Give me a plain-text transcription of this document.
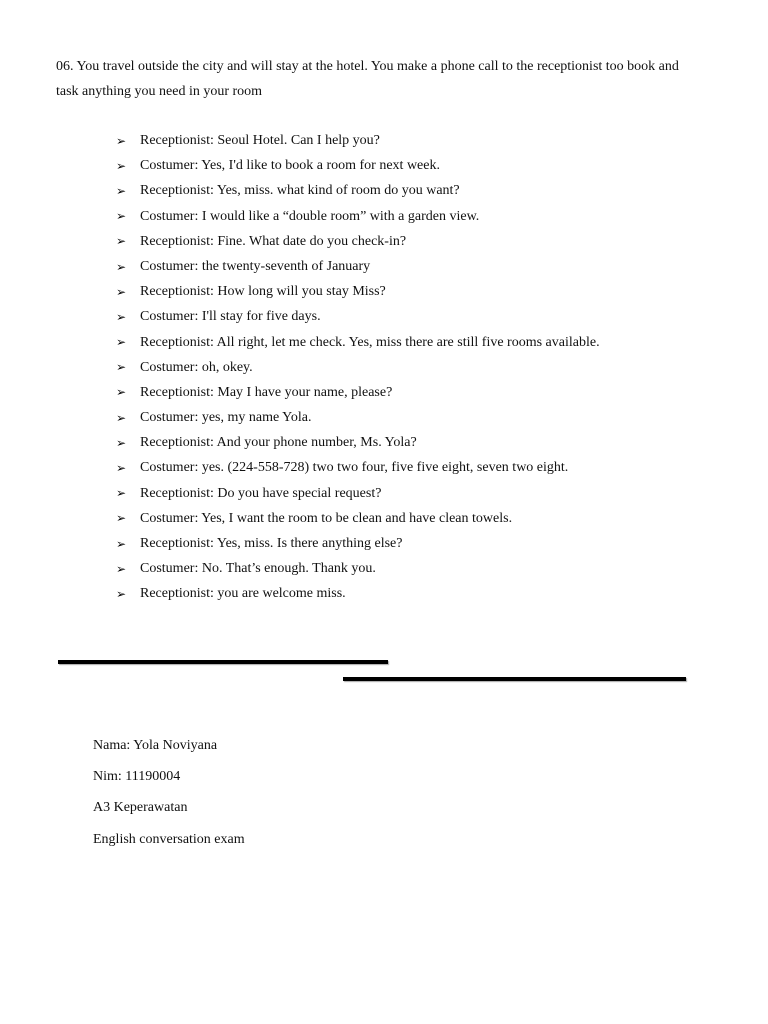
06. You travel outside the city and will stay at the hotel. You make a phone call to the receptionist too book and task anything you need in your room

➢ Receptionist: Seoul Hotel. Can I help you?
➢ Costumer: Yes, I'd like to book a room for next week.
➢ Receptionist: Yes, miss. what kind of room do you want?
➢ Costumer: I would like a “double room” with a garden view.
➢ Receptionist: Fine. What date do you check-in?
➢ Costumer: the twenty-seventh of January
➢ Receptionist: How long will you stay Miss?
➢ Costumer: I'll stay for five days.
➢ Receptionist: All right, let me check. Yes, miss there are still five rooms available.
➢ Costumer: oh, okey.
➢ Receptionist: May I have your name, please?
➢ Costumer: yes, my name Yola.
➢ Receptionist: And your phone number, Ms. Yola?
➢ Costumer: yes. (224-558-728) two two four, five five eight, seven two eight.
➢ Receptionist: Do you have special request?
➢ Costumer: Yes, I want the room to be clean and have clean towels.
➢ Receptionist: Yes, miss. Is there anything else?
➢ Costumer: No. That’s enough. Thank you.
➢ Receptionist: you are welcome miss.
Nama: Yola Noviyana
Nim: 11190004
A3 Keperawatan
English conversation exam
